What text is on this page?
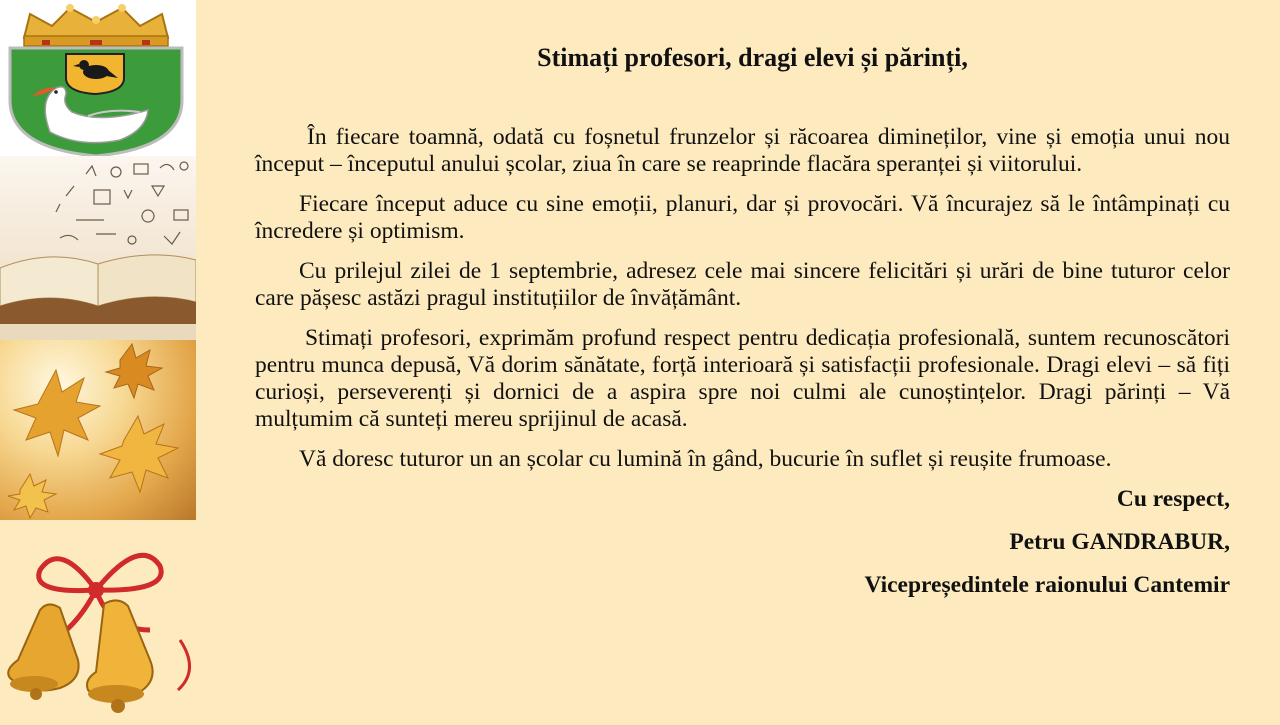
Stimați profesori, dragi elevi și părinți,

În fiecare toamnă, odată cu foșnetul frunzelor și răcoarea dimineților, vine și emoția unui nou început – începutul anului școlar, ziua în care se reaprinde flacăra speranței și viitorului.

Fiecare început aduce cu sine emoții, planuri, dar și provocări. Vă încurajez să le întâmpinați cu încredere și optimism.

Cu prilejul zilei de 1 septembrie, adresez cele mai sincere felicitări și urări de bine tuturor celor care pășesc astăzi pragul instituțiilor de învățământ.

Stimați profesori, exprimăm profund respect pentru dedicația profesională, suntem recunoscători pentru munca depusă, Vă dorim sănătate, forță interioară și satisfacții profesionale. Dragi elevi – să fiți curioși, perseverenți și dornici de a aspira spre noi culmi ale cunoștințelor. Dragi părinți – Vă mulțumim că sunteți mereu sprijinul de acasă.

Vă doresc tuturor un an școlar cu lumină în gând, bucurie în suflet și reușite frumoase.

Cu respect,
Petru GANDRABUR,
Vicepreședintele raionului Cantemir
